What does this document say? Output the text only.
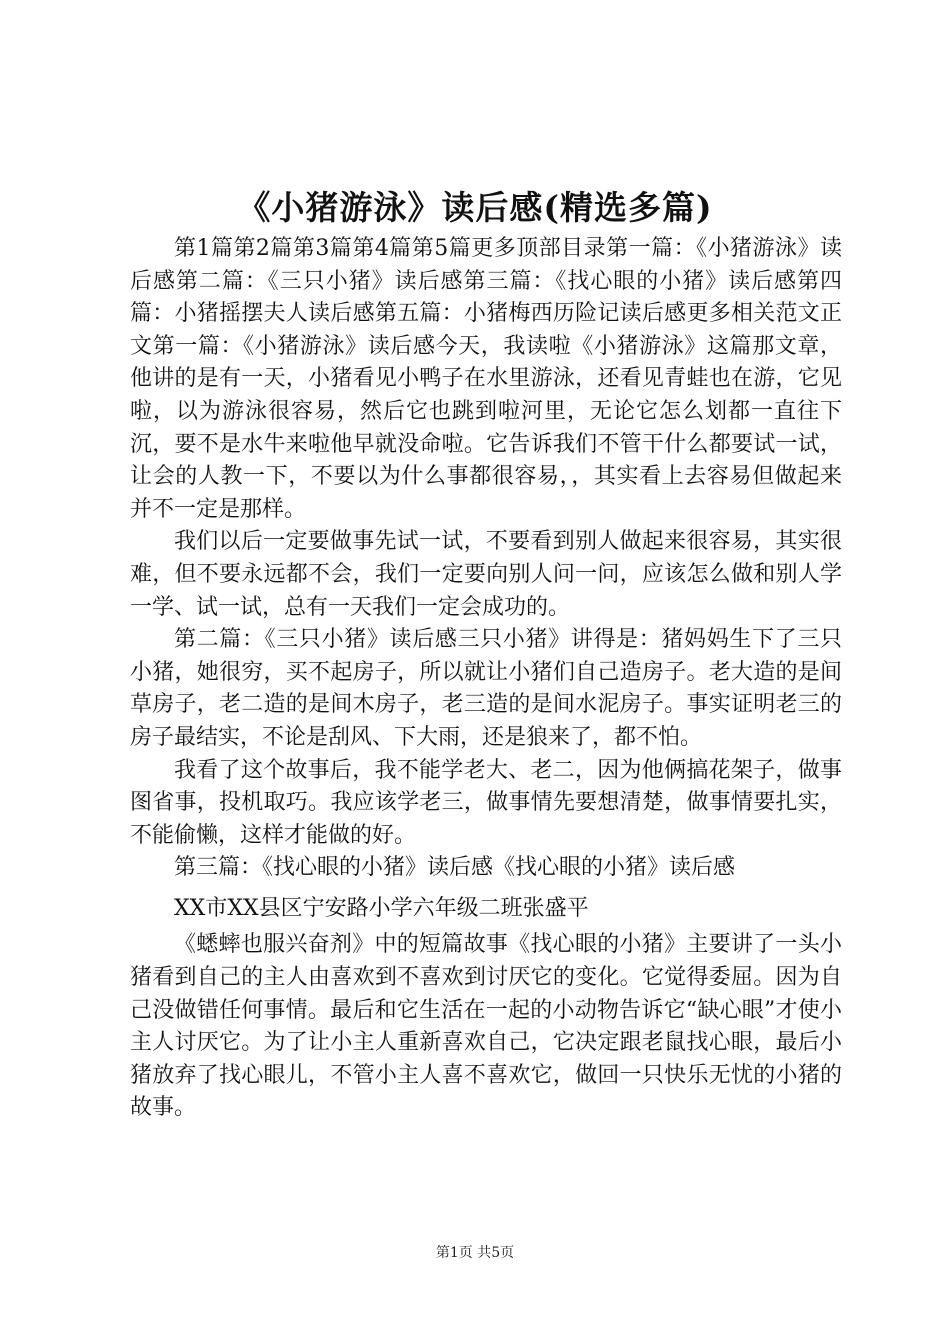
《小猪游泳》读后感(精选多篇)

第1篇第2篇第3篇第4篇第5篇更多顶部目录第一篇：《小猪游泳》读后感第二篇：《三只小猪》读后感第三篇：《找心眼的小猪》读后感第四篇：小猪摇摆夫人读后感第五篇：小猪梅西历险记读后感更多相关范文正文第一篇：《小猪游泳》读后感今天，我读啦《小猪游泳》这篇那文章，他讲的是有一天，小猪看见小鸭子在水里游泳，还看见青蛙也在游，它见啦，以为游泳很容易，然后它也跳到啦河里，无论它怎么划都一直往下沉，要不是水牛来啦他早就没命啦。它告诉我们不管干什么都要试一试，让会的人教一下，不要以为什么事都很容易，，其实看上去容易但做起来并不一定是那样。

我们以后一定要做事先试一试，不要看到别人做起来很容易，其实很难，但不要永远都不会，我们一定要向别人问一问，应该怎么做和别人学一学、试一试，总有一天我们一定会成功的。

第二篇：《三只小猪》读后感三只小猪》讲得是：猪妈妈生下了三只小猪，她很穷，买不起房子，所以就让小猪们自己造房子。老大造的是间草房子，老二造的是间木房子，老三造的是间水泥房子。事实证明老三的房子最结实，不论是刮风、下大雨，还是狼来了，都不怕。

我看了这个故事后，我不能学老大、老二，因为他俩搞花架子，做事图省事，投机取巧。我应该学老三，做事情先要想清楚，做事情要扎实，不能偷懒，这样才能做的好。

第三篇：《找心眼的小猪》读后感《找心眼的小猪》读后感

XX市XX县区宁安路小学六年级二班张盛平

《蟋蟀也服兴奋剂》中的短篇故事《找心眼的小猪》主要讲了一头小猪看到自己的主人由喜欢到不喜欢到讨厌它的变化。它觉得委屈。因为自己没做错任何事情。最后和它生活在一起的小动物告诉它“缺心眼”才使小主人讨厌它。为了让小主人重新喜欢自己，它决定跟老鼠找心眼，最后小猪放弃了找心眼儿，不管小主人喜不喜欢它，做回一只快乐无忧的小猪的故事。

第1页 共5页
